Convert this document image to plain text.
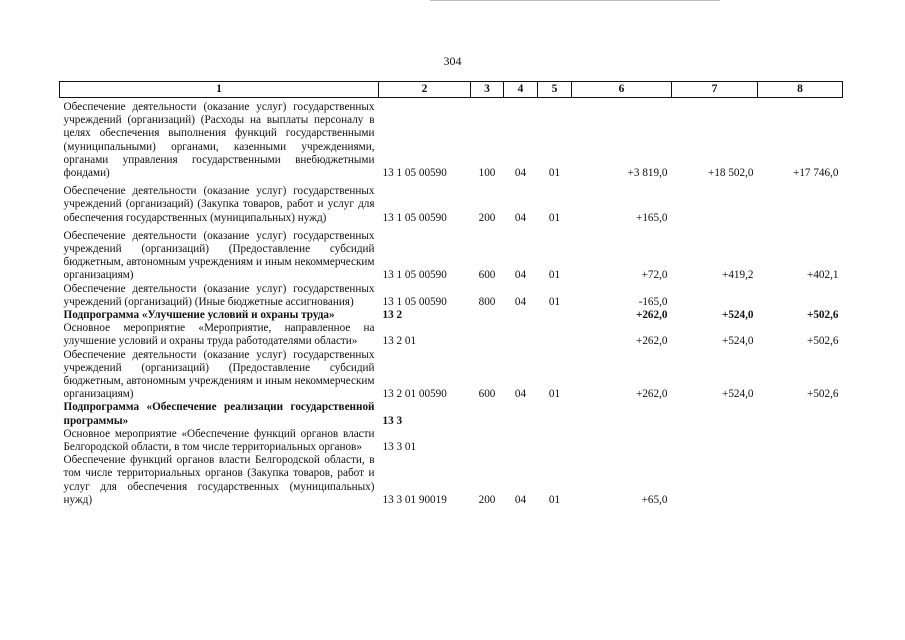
304
1	2	3	4	5	6	7	8
Обеспечение деятельности (оказание услуг) государственных учреждений (организаций) (Расходы на выплаты персоналу в целях обеспечения выполнения функций государственными (муниципальными) органами, казенными учреждениями, органами управления государственными внебюджетными фондами)	13 1 05 00590	100	04	01	+3 819,0	+18 502,0	+17 746,0
Обеспечение деятельности (оказание услуг) государственных учреждений (организаций) (Закупка товаров, работ и услуг для обеспечения государственных (муниципальных) нужд)	13 1 05 00590	200	04	01	+165,0		
Обеспечение деятельности (оказание услуг) государственных учреждений (организаций) (Предоставление субсидий бюджетным, автономным учреждениям и иным некоммерческим организациям)	13 1 05 00590	600	04	01	+72,0	+419,2	+402,1
Обеспечение деятельности (оказание услуг) государственных учреждений (организаций) (Иные бюджетные ассигнования)	13 1 05 00590	800	04	01	-165,0		
Подпрограмма «Улучшение условий и охраны труда»	13 2				+262,0	+524,0	+502,6
Основное мероприятие «Мероприятие, направленное на улучшение условий и охраны труда работодателями области»	13 2 01				+262,0	+524,0	+502,6
Обеспечение деятельности (оказание услуг) государственных учреждений (организаций) (Предоставление субсидий бюджетным, автономным учреждениям и иным некоммерческим организациям)	13 2 01 00590	600	04	01	+262,0	+524,0	+502,6
Подпрограмма «Обеспечение реализации государственной программы»	13 3						
Основное мероприятие «Обеспечение функций органов власти Белгородской области, в том числе территориальных органов»	13 3 01						
Обеспечение функций органов власти Белгородской области, в том числе территориальных органов (Закупка товаров, работ и услуг для обеспечения государственных (муниципальных) нужд)	13 3 01 90019	200	04	01	+65,0		
